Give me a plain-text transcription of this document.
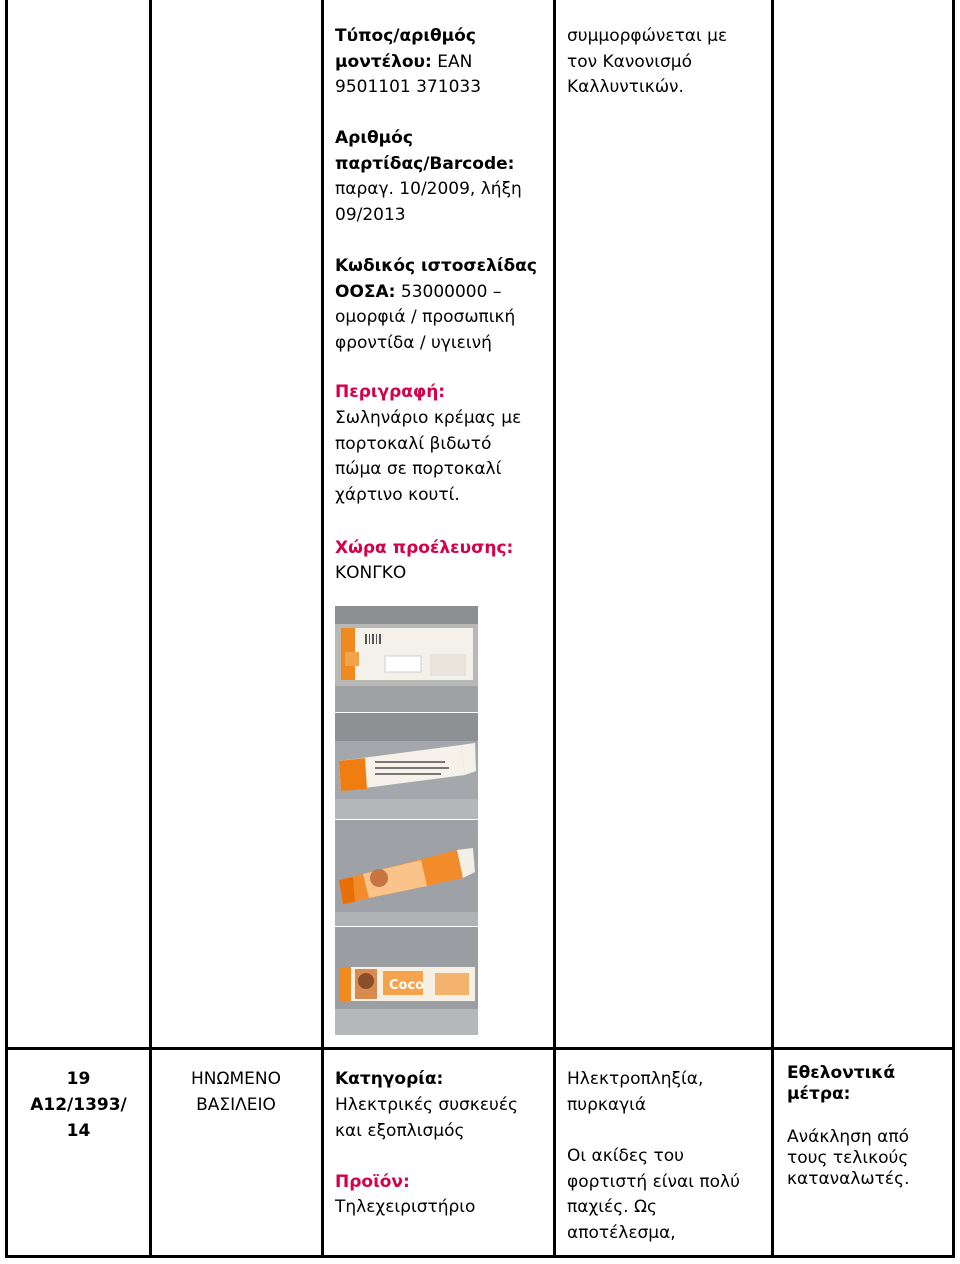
Τύπος/αριθμός μοντέλου: EAN 9501101 371033
Αριθμός παρτίδας/Barcode: παραγ. 10/2009, λήξη 09/2013
Κωδικός ιστοσελίδας ΟΟΣΑ: 53000000 – ομορφιά / προσωπική φροντίδα / υγιεινή
Περιγραφή:
Σωληνάριο κρέμας με πορτοκαλί βιδωτό πώμα σε πορτοκαλί χάρτινο κουτί.
Χώρα προέλευσης:
ΚΟΝΓΚΟ
Coco
συμμορφώνεται με τον Κανονισμό Καλλυντικών.
19
A12/1393/
14
ΗΝΩΜΕΝΟ ΒΑΣΙΛΕΙΟ
Κατηγορία:
Ηλεκτρικές συσκευές και εξοπλισμός
Προϊόν:
Τηλεχειριστήριο
Ηλεκτροπληξία, πυρκαγιά
Οι ακίδες του φορτιστή είναι πολύ παχιές. Ως αποτέλεσμα,
Εθελοντικά μέτρα:
Ανάκληση από τους τελικούς καταναλωτές.
